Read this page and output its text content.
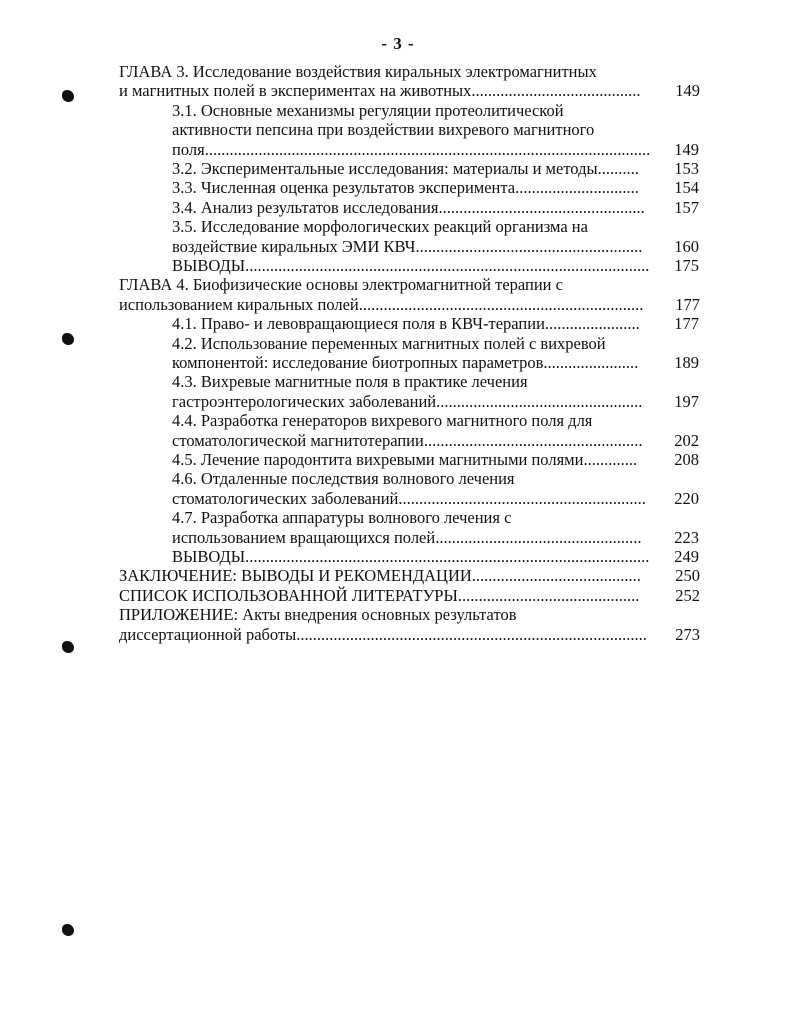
- 3 -
ГЛАВА 3. Исследование воздействия киральных электромагнитных
и магнитных полей в экспериментах на животных.........................................	149
3.1. Основные механизмы регуляции протеолитической
активности пепсина при воздействии вихревого магнитного
поля............................................................................................................	149
3.2. Экспериментальные исследования: материалы и методы..........	153
3.3. Численная оценка результатов эксперимента..............................	154
3.4. Анализ результатов исследования..................................................	157
3.5. Исследование морфологических реакций организма на
воздействие киральных ЭМИ КВЧ.......................................................	160
ВЫВОДЫ..................................................................................................	175
ГЛАВА 4. Биофизические основы электромагнитной терапии с
использованием киральных полей.....................................................................	177
4.1. Право- и левовращающиеся поля в КВЧ-терапии.......................	177
4.2. Использование переменных магнитных полей с вихревой
компонентой: исследование биотропных параметров.......................	189
4.3. Вихревые магнитные поля в практике лечения
гастроэнтерологических заболеваний..................................................	197
4.4. Разработка генераторов вихревого магнитного поля для
стоматологической магнитотерапии.....................................................	202
4.5. Лечение пародонтита вихревыми магнитными полями.............	208
4.6. Отдаленные последствия волнового лечения
стоматологических заболеваний............................................................	220
4.7. Разработка аппаратуры волнового лечения с
использованием вращающихся полей..................................................	223
ВЫВОДЫ..................................................................................................	249
ЗАКЛЮЧЕНИЕ: ВЫВОДЫ И РЕКОМЕНДАЦИИ.........................................	250
СПИСОК ИСПОЛЬЗОВАННОЙ ЛИТЕРАТУРЫ............................................	252
ПРИЛОЖЕНИЕ: Акты внедрения основных результатов
диссертационной работы.....................................................................................	273
